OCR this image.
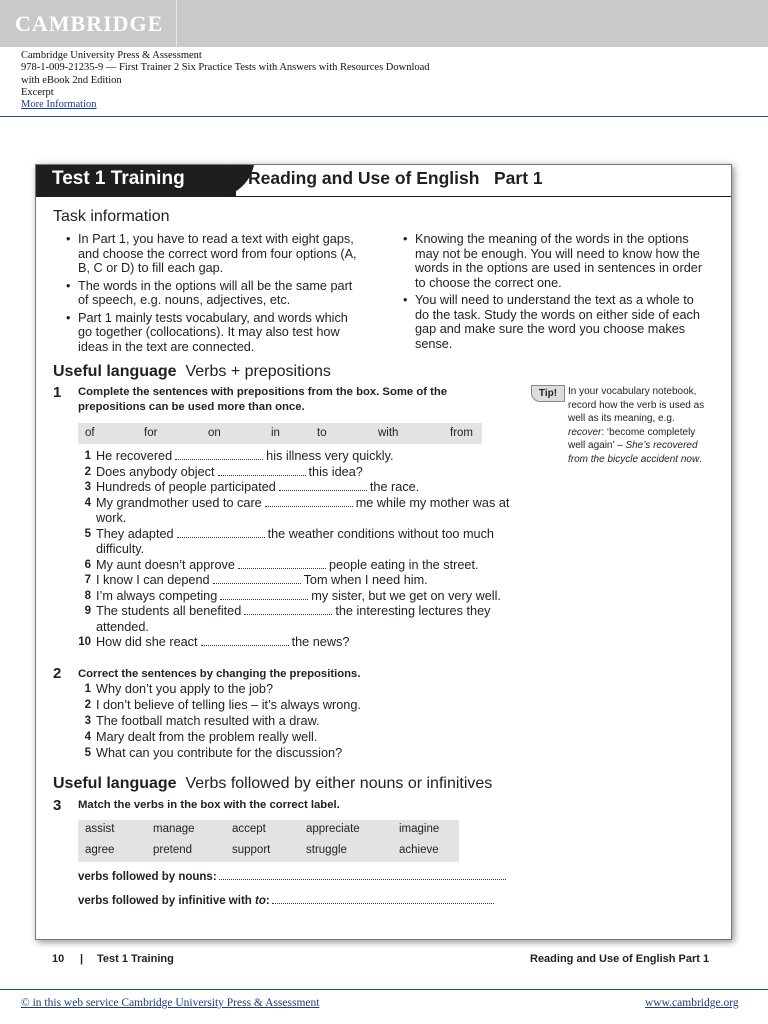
CAMBRIDGE
Cambridge University Press & Assessment
978-1-009-21235-9 — First Trainer 2 Six Practice Tests with Answers with Resources Download
with eBook 2nd Edition
Excerpt
More Information
Test 1 Training	Reading and Use of English   Part 1
Task information
• In Part 1, you have to read a text with eight gaps, and choose the correct word from four options (A, B, C or D) to fill each gap.
• The words in the options will all be the same part of speech, e.g. nouns, adjectives, etc.
• Part 1 mainly tests vocabulary, and words which go together (collocations). It may also test how ideas in the text are connected.
• Knowing the meaning of the words in the options may not be enough. You will need to know how the words in the options are used in sentences in order to choose the correct one.
• You will need to understand the text as a whole to do the task. Study the words on either side of each gap and make sure the word you choose makes sense.
Useful language Verbs + prepositions
1 Complete the sentences with prepositions from the box. Some of the prepositions can be used more than once.
of	for	on	in	to	with	from
1 He recovered	his illness very quickly.
2 Does anybody object	this idea?
3 Hundreds of people participated	the race.
4 My grandmother used to care	me while my mother was at work.
5 They adapted	the weather conditions without too much difficulty.
6 My aunt doesn’t approve	people eating in the street.
7 I know I can depend	Tom when I need him.
8 I’m always competing	my sister, but we get on very well.
9 The students all benefited	the interesting lectures they attended.
10 How did she react	the news?
Tip!	In your vocabulary notebook, record how the verb is used as well as its meaning, e.g. recover: ‘become completely well again’ – She’s recovered from the bicycle accident now.
2 Correct the sentences by changing the prepositions.
1 Why don’t you apply to the job?
2 I don’t believe of telling lies – it’s always wrong.
3 The football match resulted with a draw.
4 Mary dealt from the problem really well.
5 What can you contribute for the discussion?
Useful language Verbs followed by either nouns or infinitives
3 Match the verbs in the box with the correct label.
assist	manage	accept	appreciate	imagine
agree	pretend	support	struggle	achieve
verbs followed by nouns:
verbs followed by infinitive with to:
10 | Test 1 Training	Reading and Use of English Part 1
© in this web service Cambridge University Press & Assessment	www.cambridge.org
